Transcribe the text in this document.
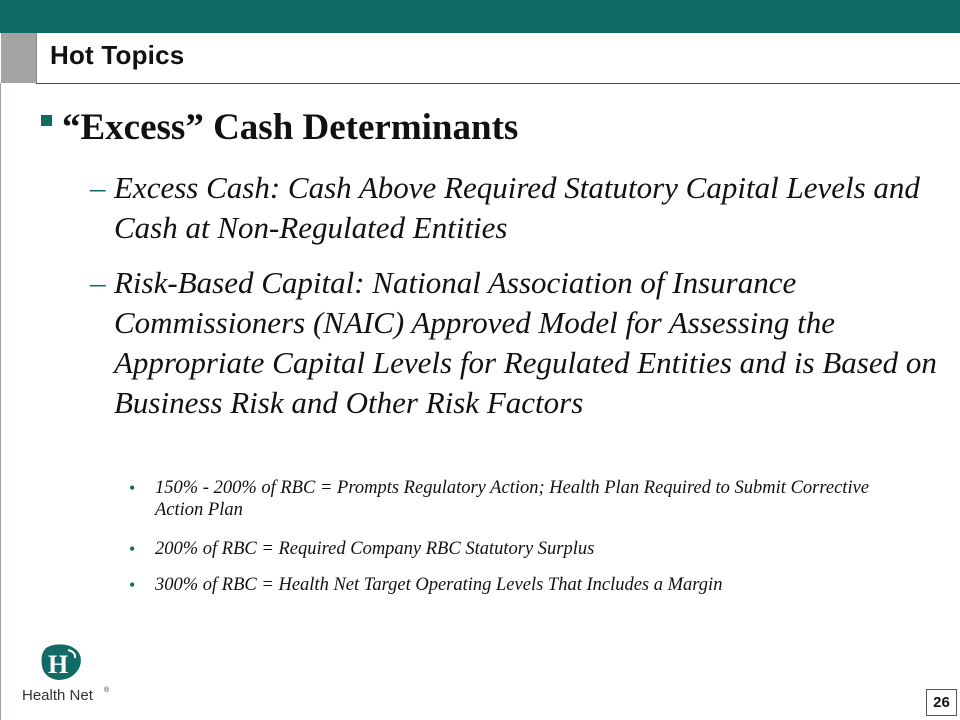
Hot Topics
“Excess” Cash Determinants
– Excess Cash: Cash Above Required Statutory Capital Levels and Cash at Non-Regulated Entities
– Risk-Based Capital: National Association of Insurance Commissioners (NAIC) Approved Model for Assessing the Appropriate Capital Levels for Regulated Entities and is Based on Business Risk and Other Risk Factors
• 150% - 200% of RBC = Prompts Regulatory Action; Health Plan Required to Submit Corrective Action Plan
• 200% of RBC = Required Company RBC Statutory Surplus
• 300% of RBC = Health Net Target Operating Levels That Includes a Margin
H
Health Net ®
26
